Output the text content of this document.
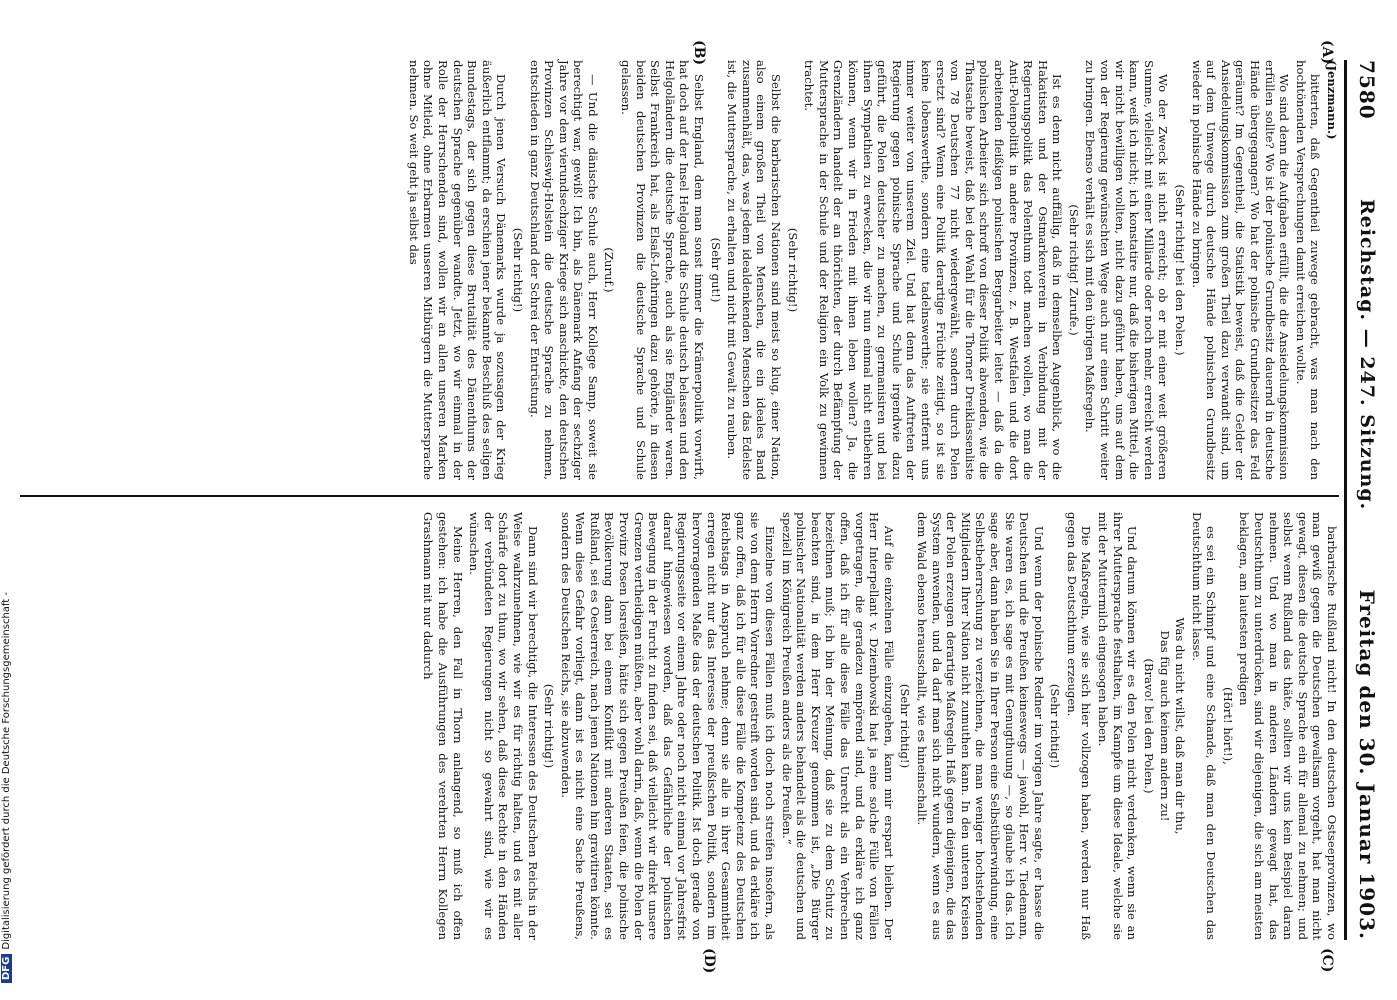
7580
Reichstag. — 247. Sitzung.
Freitag den 30. Januar 1903.
(A)
(B)
(C)
(D)

(Jenzmann.)

bitterten, daß Gegentheil zuwege gebracht, was man nach den hochtönenden Versprechungen damit erreichen wollte.

Wo sind denn die Aufgaben erfüllt, die die Ansiedelungskommission erfüllen sollte? Wo ist der polnische Grundbesitz dauernd in deutsche Hände übergegangen? Wo hat der polnische Grundbesitzer das Feld geräumt? Im Gegentheil, die Statistik beweist, daß die Gelder der Ansiedelungskommission zum großen Theil dazu verwandt sind, um auf dem Umwege durch deutsche Hände polnischen Grundbesitz wieder in polnische Hände zu bringen.

(Sehr richtig! bei den Polen.)

Wo der Zweck ist nicht erreicht; ob er mit einer weit größeren Summe, vielleicht mit einer Milliarde oder noch mehr, erreicht werden kann, weiß ich nicht; ich konstatire nur, daß die bisherigen Mittel, die wir nicht bewilligen wollten, nicht dazu geführt haben, uns auf dem von der Regierung gewünschten Wege auch nur einen Schritt weiter zu bringen. Ebenso verhält es sich mit den übrigen Maßregeln.

(Sehr richtig! Zurufe.)

Ist es denn nicht auffällig, daß in demselben Augenblick, wo die Hakatisten und der Ostmarkenverein in Verbindung mit der Regierungspolitik das Polenthum todt machen wollen, wo man die Anti-Polenpolitik in andere Provinzen, z. B. Westfalen und die dort arbeitenden fleißigen polnischen Bergarbeiter leitet — daß da die polnischen Arbeiter sich schroff von dieser Politik abwenden, wie die Thatsache beweist, daß bei der Wahl für die Thorner Dreiklassenliste von 78 Deutschen 77 nicht wiedergewählt, sondern durch Polen ersetzt sind? Wenn eine Politik derartige Früchte zeitigt, so ist sie keine lobenswerthe, sondern eine tadelnswerthe; sie entfernt uns immer weiter von unserem Ziel. Und hat denn das Auftreten der Regierung gegen polnische Sprache und Schule irgendwie dazu geführt, die Polen deutscher zu machen, zu germanisiren und bei ihnen Sympathien zu erwecken, die wir nun einmal nicht entbehren können, wenn wir in Frieden mit ihnen leben wollen? Ja, die Grenzländern handelt der an thörichten, der durch Befämpfung der Muttersprache in der Schule und der Religion ein Volk zu gewinnen trachtet.

(Sehr richtig!)

Selbst die barbarischen Nationen sind meist so klug, einer Nation, also einem großen Theil von Menschen, die ein ideales Band zusammenhält, das, was jedem idealdenkenden Menschen das Edelste ist, die Muttersprache, zu erhalten und nicht mit Gewalt zu rauben.

(Sehr gut!)

Selbst England, dem man sonst immer die Krämerpolitik vorwirft, hat doch auf der Insel Helgoland die Schule deutsch belassen und den Helgoländern die deutsche Sprache, auch als sie Engländer waren. Selbst Frankreich hat, als Elsaß-Lothringen dazu gehörte, in diesen beiden deutschen Provinzen die deutsche Sprache und Schule gelassen.

(Zuruf.)

— Und die dänische Schule auch, Herr Kollege Samp, soweit sie berechtigt war, gewiß! Ich bin, als Dänemark Anfang der sechziger Jahre vor dem vierundsechziger Kriege sich anschickte, den deutschen Provinzen Schleswig-Holstein die deutsche Sprache zu nehmen, entschieden in ganz Deutschland der Schrei der Entrüstung.

(Sehr richtig!)

Durch jenen Versuch Dänemarks wurde ja sozusagen der Krieg äußerlich entflammt; da erschien jener bekannte Beschluß des seligen Bundestags, der sich gegen diese Brutalität des Dänenthums der deutschen Sprache gegenüber wandte. Jetzt, wo wir einmal in der Rolle der Herrschenden sind, wollen wir an allen unseren Marken ohne Mitleid, ohne Erbarmen unseren Mitbürgern die Muttersprache nehmen. So weit geht ja selbst das

barbarische Rußland nicht! In den deutschen Ostseeprovinzen, wo man gewiß gegen die Deutschen gewaltsam vorgeht, hat man nicht gewagt, diesen die deutsche Sprache ein für allemal zu nehmen; und selbst wenn Rußland das thäte, sollten wir uns kein Beispiel daran nehmen. Und wo man in anderen Ländern gewagt hat, das Deutschthum zu unterdrücken, sind wir diejenigen, die sich am meisten beklagen, am lautesten predigen

(Hört! hört!),

es sei ein Schimpf und eine Schande, daß man den Deutschen das Deutschthum nicht lasse.

Was du nicht willst, daß man dir thu,
Das füg auch keinem andern zu!

(Bravo! bei den Polen.)

Und darum können wir es den Polen nicht verdenken, wenn sie an ihrer Muttersprache festhalten, im Kampfe um diese Ideale, welche sie mit der Muttermilch eingesogen haben.

Die Maßregeln, wie sie sich hier vollzogen haben, werden nur Haß gegen das Deutschthum erzeugen.

(Sehr richtig!)

Und wenn der polnische Redner im vorigen Jahre sagte, er hasse die Deutschen und die Preußen keineswegs — jawohl, Herr v. Tiedemann, Sie waren es, ich sage es mit Genugthuung —, so glaube ich das. Ich sage aber, dann haben Sie in Ihrer Person eine Selbstüberwindung, eine Selbstbeherrschung zu verzeichnen, die man weniger hochstehenden Mitgliedern Ihrer Nation nicht zumuthen kann. In den unteren Kreisen der Polen erzeugen derartige Maßregeln Haß gegen diejenigen, die das System anwenden, und da darf man sich nicht wundern, wenn es aus dem Wald ebenso herausschallt, wie es hineinschallt.

(Sehr richtig!)

Auf die einzelnen Fälle einzugehen, kann mir erspart bleiben. Der Herr Interpellant v. Dziembowski hat ja eine solche Fülle von Fällen vorgetragen, die geradezu empörend sind, und da erkläre ich ganz offen, daß ich für alle diese Fälle das Unrecht als ein Verbrechen bezeichnen muß; ich bin der Meinung, daß sie zu dem Schutz zu beachten sind, in dem Herr Kreuzer genommen ist, „Die Bürger polnischer Nationalität werden anders behandelt als die deutschen und speziell im Königreich Preußen anders als die Preußen.“

Einzelne von diesen Fällen muß ich doch noch streifen insofern, als sie von dem Herrn Vorredner gestreift worden sind, und da erkläre ich ganz offen, daß ich für alle diese Fälle die Kompetenz des Deutschen Reichstags in Anspruch nehme; denn sie alle in ihrer Gesammtheit erregen nicht nur das Interesse der preußischen Politik, sondern im hervorragenden Maße das der deutschen Politik. Ist doch gerade von Regierungsseite vor einem Jahre oder noch nicht einmal vor Jahresfrist darauf hingewiesen worden, daß das Gefährliche der polnischen Bewegung in der Furcht zu finden sei, daß vielleicht wir direkt unsere Grenzen vertheidigen müßten, aber wohl darin, daß, wenn die Polen der Provinz Posen losreißen, hätte sich gegen Preußen feien, die polnische Bevölkerung dann bei einem Konflikt mit anderen Staaten, sei es Rußland, sei es Oesterreich, nach jenen Nationen hin gravitiren könnte. Wenn diese Gefahr vorliegt, dann ist es nicht eine Sache Preußens, sondern des Deutschen Reichs, sie abzuwenden.

(Sehr richtig!)

Dann sind wir berechtigt, die Interessen des Deutschen Reichs in der Weise wahrzunehmen, wie wir es für richtig halten, und es mit aller Schärfe dort zu thun, wo wir sehen, daß diese Rechte in den Händen der verbündeten Regierungen nicht so gewahrt sind, wie wir es wünschen.

Meine Herren, den Fall in Thorn anlangend, so muß ich offen gestehen: ich habe die Ausführungen des verehrten Herrn Kollegen Grashmann mit nur dadurch

DFGDigitalisierung gefördert durch die Deutsche Forschungsgemeinschaft -
